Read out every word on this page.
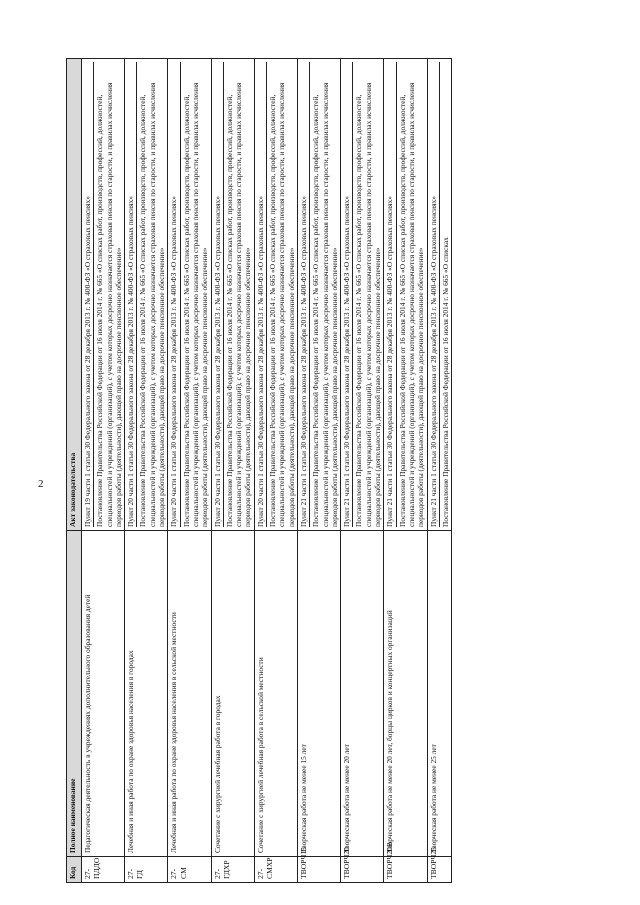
2
Код	Полное наименование	Акт законодательства
27-ПДДО	Педагогическая деятельность в учреждениях дополнительного образования детей	Пункт 19 части 1 статьи 30 Федерального закона от 28 декабря 2013 г. № 400-ФЗ «О страховых пенсиях» Постановление Правительства Российской Федерации от 16 июля 2014 г. № 665 «О списках работ, производств, профессий, должностей, специальностей и учреждений (организаций), с учетом которых досрочно назначается страховая пенсия по старости, и правилах исчисления периодов работы (деятельности), дающей право на досрочное пенсионное обеспечение»

27-ГД	Лечебная и иная работа по охране здоровья населения в городах	Пункт 20 части 1 статьи 30 Федерального закона от 28 декабря 2013 г. № 400-ФЗ «О страховых пенсиях» Постановление Правительства Российской Федерации от 16 июля 2014 г. № 665 «О списках работ, производств, профессий, должностей, специальностей и учреждений (организаций), с учетом которых досрочно назначается страховая пенсия по старости, и правилах исчисления периодов работы (деятельности), дающей право на досрочное пенсионное обеспечение»

27-СМ	Лечебная и иная работа по охране здоровья населения в сельской местности	Пункт 20 части 1 статьи 30 Федерального закона от 28 декабря 2013 г. № 400-ФЗ «О страховых пенсиях» Постановление Правительства Российской Федерации от 16 июля 2014 г. № 665 «О списках работ, производств, профессий, должностей, специальностей и учреждений (организаций), с учетом которых досрочно назначается страховая пенсия по старости, и правилах исчисления периодов работы (деятельности), дающей право на досрочное пенсионное обеспечение»

27-ГДХР	Сочетание с хирургией лечебная работа в городах	Пункт 20 части 1 статьи 30 Федерального закона от 28 декабря 2013 г. № 400-ФЗ «О страховых пенсиях» Постановление Правительства Российской Федерации от 16 июля 2014 г. № 665 «О списках работ, производств, профессий, должностей, специальностей и учреждений (организаций), с учетом которых досрочно назначается страховая пенсия по старости, и правилах исчисления периодов работы (деятельности), дающей право на досрочное пенсионное обеспечение»

27-СМХР	Сочетание с хирургией лечебная работа в сельской местности	Пункт 20 части 1 статьи 30 Федерального закона от 28 декабря 2013 г. № 400-ФЗ «О страховых пенсиях» Постановление Правительства Российской Федерации от 16 июля 2014 г. № 665 «О списках работ, производств, профессий, должностей, специальностей и учреждений (организаций), с учетом которых досрочно назначается страховая пенсия по старости, и правилах исчисления периодов работы (деятельности), дающей право на досрочное пенсионное обеспечение»

ТВОРЧ15	Творческая работа не менее 15 лет	Пункт 21 части 1 статьи 30 Федерального закона от 28 декабря 2013 г. № 400-ФЗ «О страховых пенсиях» Постановление Правительства Российской Федерации от 16 июля 2014 г. № 665 «О списках работ, производств, профессий, должностей, специальностей и учреждений (организаций), с учетом которых досрочно назначается страховая пенсия по старости, и правилах исчисления периодов работы (деятельности), дающей право на досрочное пенсионное обеспечение»

ТВОРЧ20	Творческая работа не менее 20 лет	Пункт 21 части 1 статьи 30 Федерального закона от 28 декабря 2013 г. № 400-ФЗ «О страховых пенсиях» Постановление Правительства Российской Федерации от 16 июля 2014 г. № 665 «О списках работ, производств, профессий, должностей, специальностей и учреждений (организаций), с учетом которых досрочно назначается страховая пенсия по старости, и правилах исчисления периодов работы (деятельности), дающей право на досрочное пенсионное обеспечение»

ТВОРЧ20В	Творческая работа не менее 20 лет, борцы цирков и концертных организаций	Пункт 21 части 1 статьи 30 Федерального закона от 28 декабря 2013 г. № 400-ФЗ «О страховых пенсиях» Постановление Правительства Российской Федерации от 16 июля 2014 г. № 665 «О списках работ, производств, профессий, должностей, специальностей и учреждений (организаций), с учетом которых досрочно назначается страховая пенсия по старости, и правилах исчисления периодов работы (деятельности), дающей право на досрочное пенсионное обеспечение»

ТВОРЧ25	Творческая работа не менее 25 лет	Пункт 21 части 1 статьи 30 Федерального закона от 28 декабря 2013 г. № 400-ФЗ «О страховых пенсиях» Постановление Правительства Российской Федерации от 16 июля 2014 г. № 665 «О списках
